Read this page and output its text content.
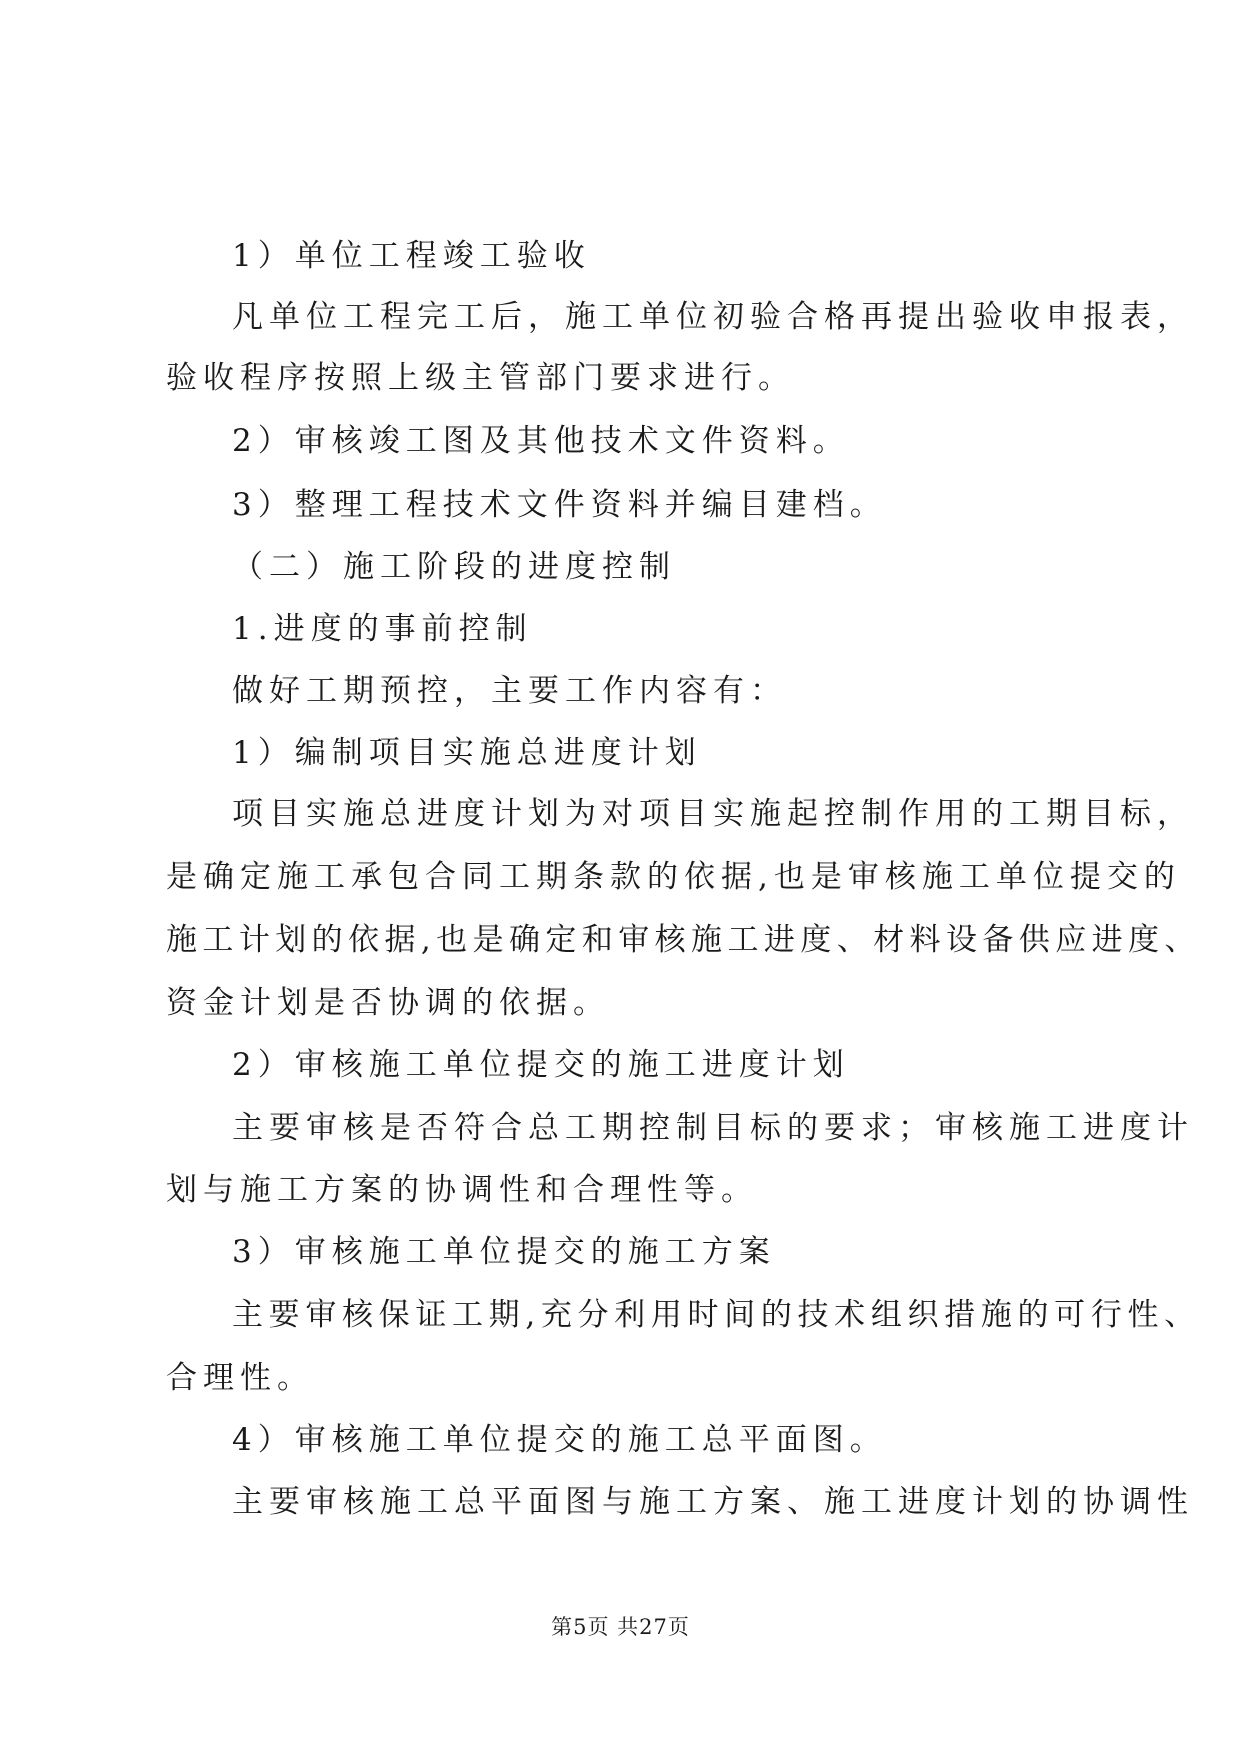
1）单位工程竣工验收
凡单位工程完工后，施工单位初验合格再提出验收申报表，
验收程序按照上级主管部门要求进行。
2）审核竣工图及其他技术文件资料。
3）整理工程技术文件资料并编目建档。
（二）施工阶段的进度控制
1.进度的事前控制
做好工期预控，主要工作内容有：
1）编制项目实施总进度计划
项目实施总进度计划为对项目实施起控制作用的工期目标，
是确定施工承包合同工期条款的依据,也是审核施工单位提交的
施工计划的依据,也是确定和审核施工进度、材料设备供应进度、
资金计划是否协调的依据。
2）审核施工单位提交的施工进度计划
主要审核是否符合总工期控制目标的要求；审核施工进度计
划与施工方案的协调性和合理性等。
3）审核施工单位提交的施工方案
主要审核保证工期,充分利用时间的技术组织措施的可行性、
合理性。
4）审核施工单位提交的施工总平面图。
主要审核施工总平面图与施工方案、施工进度计划的协调性
第5页 共27页
